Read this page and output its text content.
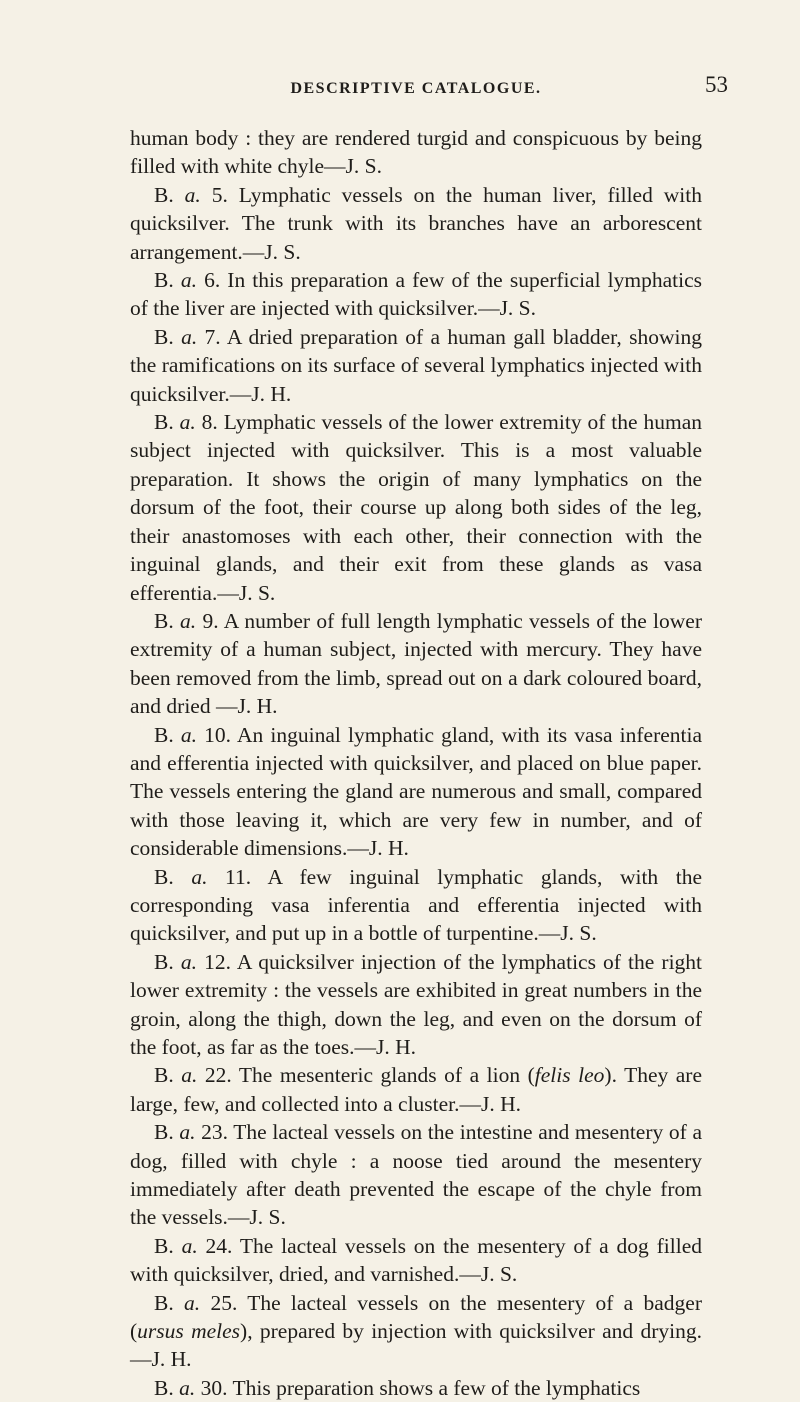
DESCRIPTIVE CATALOGUE.	53

human body : they are rendered turgid and conspicuous by being filled with white chyle—J. S.

B. a. 5. Lymphatic vessels on the human liver, filled with quicksilver. The trunk with its branches have an arborescent arrangement.—J. S.

B. a. 6. In this preparation a few of the superficial lymphatics of the liver are injected with quicksilver.—J. S.

B. a. 7. A dried preparation of a human gall bladder, showing the ramifications on its surface of several lymphatics injected with quicksilver.—J. H.

B. a. 8. Lymphatic vessels of the lower extremity of the human subject injected with quicksilver. This is a most valuable preparation. It shows the origin of many lymphatics on the dorsum of the foot, their course up along both sides of the leg, their anastomoses with each other, their connection with the inguinal glands, and their exit from these glands as vasa efferentia.—J. S.

B. a. 9. A number of full length lymphatic vessels of the lower extremity of a human subject, injected with mercury. They have been removed from the limb, spread out on a dark coloured board, and dried —J. H.

B. a. 10. An inguinal lymphatic gland, with its vasa inferentia and efferentia injected with quicksilver, and placed on blue paper. The vessels entering the gland are numerous and small, compared with those leaving it, which are very few in number, and of considerable dimensions.—J. H.

B. a. 11. A few inguinal lymphatic glands, with the corresponding vasa inferentia and efferentia injected with quicksilver, and put up in a bottle of turpentine.—J. S.

B. a. 12. A quicksilver injection of the lymphatics of the right lower extremity : the vessels are exhibited in great numbers in the groin, along the thigh, down the leg, and even on the dorsum of the foot, as far as the toes.—J. H.

B. a. 22. The mesenteric glands of a lion (felis leo). They are large, few, and collected into a cluster.—J. H.

B. a. 23. The lacteal vessels on the intestine and mesentery of a dog, filled with chyle : a noose tied around the mesentery immediately after death prevented the escape of the chyle from the vessels.—J. S.

B. a. 24. The lacteal vessels on the mesentery of a dog filled with quicksilver, dried, and varnished.—J. S.

B. a. 25. The lacteal vessels on the mesentery of a badger (ursus meles), prepared by injection with quicksilver and drying.—J. H.

B. a. 30. This preparation shows a few of the lymphatics
